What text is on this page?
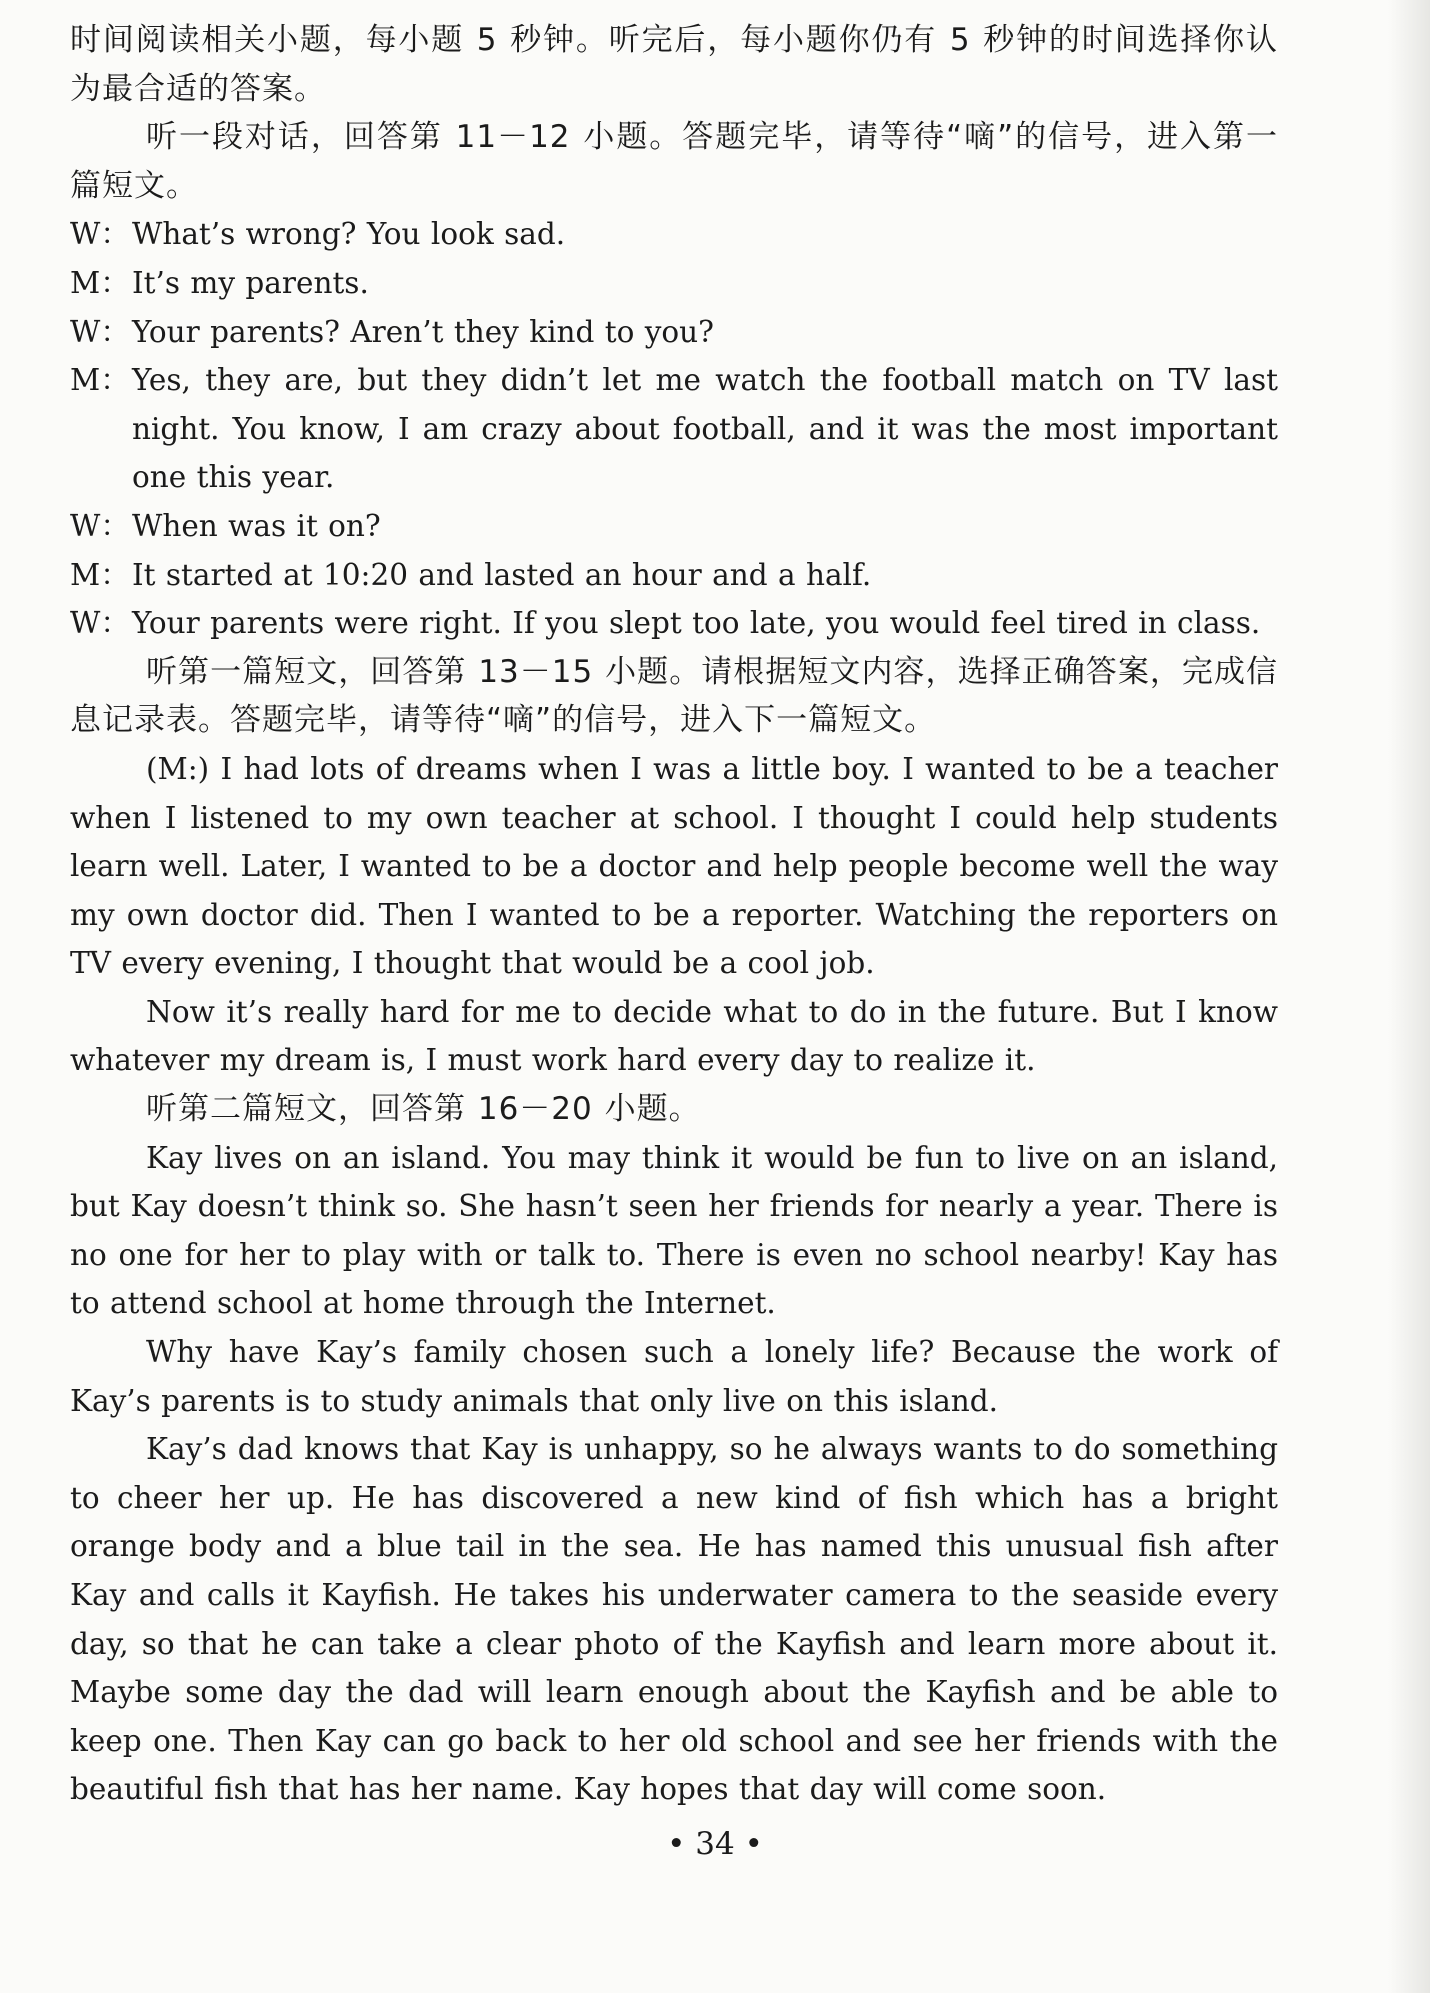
时间阅读相关小题，每小题 5 秒钟。听完后，每小题你仍有 5 秒钟的时间选择你认为最合适的答案。

听一段对话，回答第 11－12 小题。答题完毕，请等待“嘀”的信号，进入第一篇短文。

W： What’s wrong? You look sad.
M： It’s my parents.
W： Your parents? Aren’t they kind to you?
M： Yes, they are, but they didn’t let me watch the football match on TV last night. You know, I am crazy about football, and it was the most important one this year.
W： When was it on?
M： It started at 10:20 and lasted an hour and a half.
W： Your parents were right. If you slept too late, you would feel tired in class.

听第一篇短文，回答第 13－15 小题。请根据短文内容，选择正确答案，完成信息记录表。答题完毕，请等待“嘀”的信号，进入下一篇短文。

(M:) I had lots of dreams when I was a little boy. I wanted to be a teacher when I listened to my own teacher at school. I thought I could help students learn well. Later, I wanted to be a doctor and help people become well the way my own doctor did. Then I wanted to be a reporter. Watching the reporters on TV every evening, I thought that would be a cool job.

Now it’s really hard for me to decide what to do in the future. But I know whatever my dream is, I must work hard every day to realize it.

听第二篇短文，回答第 16－20 小题。

Kay lives on an island. You may think it would be fun to live on an island, but Kay doesn’t think so. She hasn’t seen her friends for nearly a year. There is no one for her to play with or talk to. There is even no school nearby! Kay has to attend school at home through the Internet.

Why have Kay’s family chosen such a lonely life? Because the work of Kay’s parents is to study animals that only live on this island.

Kay’s dad knows that Kay is unhappy, so he always wants to do something to cheer her up. He has discovered a new kind of fish which has a bright orange body and a blue tail in the sea. He has named this unusual fish after Kay and calls it Kayfish. He takes his underwater camera to the seaside every day, so that he can take a clear photo of the Kayfish and learn more about it. Maybe some day the dad will learn enough about the Kayfish and be able to keep one. Then Kay can go back to her old school and see her friends with the beautiful fish that has her name. Kay hopes that day will come soon.

• 34 •
